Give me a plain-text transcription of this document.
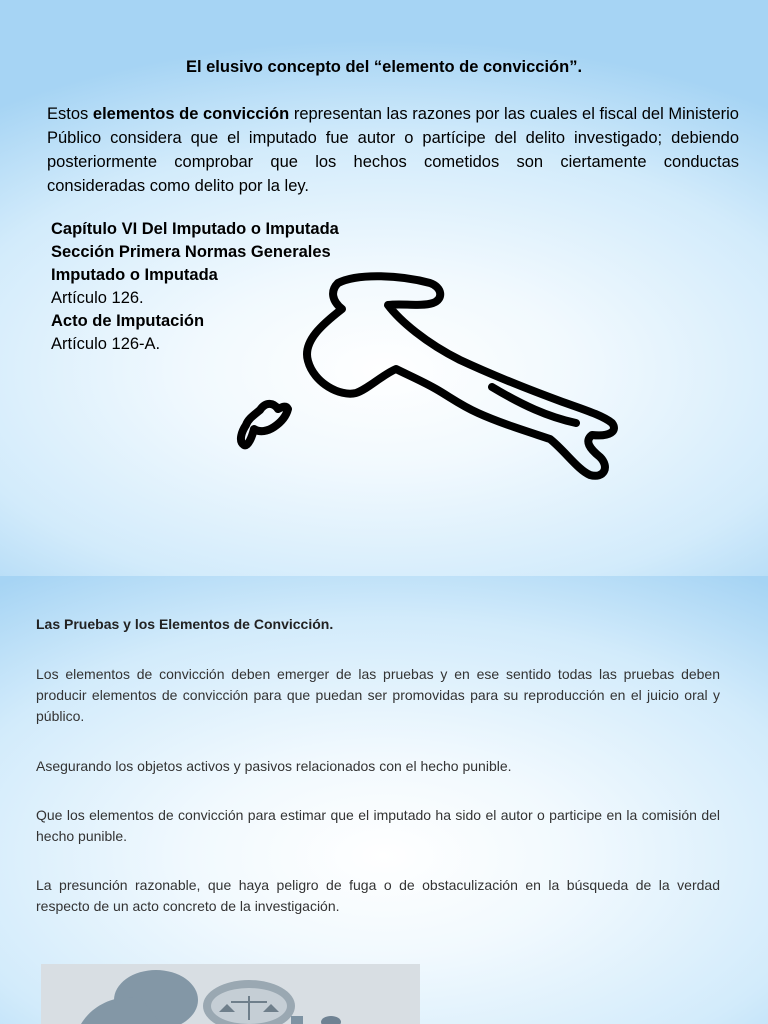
El elusivo concepto del “elemento de convicción”.

Estos elementos de convicción representan las razones por las cuales el fiscal del Ministerio Público considera que el imputado fue autor o partícipe del delito investigado; debiendo posteriormente comprobar que los hechos cometidos son ciertamente conductas consideradas como delito por la ley.

Capítulo VI Del Imputado o Imputada
Sección Primera Normas Generales
Imputado o Imputada
Artículo 126.
Acto de Imputación
Artículo 126-A.

Las Pruebas y los Elementos de Convicción.

Los elementos de convicción deben emerger de las pruebas y en ese sentido todas las pruebas deben producir elementos de convicción para que puedan ser promovidas para su reproducción en el juicio oral y público.

Asegurando los objetos activos y pasivos relacionados con el hecho punible.

Que los elementos de convicción para estimar que el imputado ha sido el autor o participe en la comisión del hecho punible.

La presunción razonable, que haya peligro de fuga o de obstaculización en la búsqueda de la verdad respecto de un acto concreto de la investigación.
